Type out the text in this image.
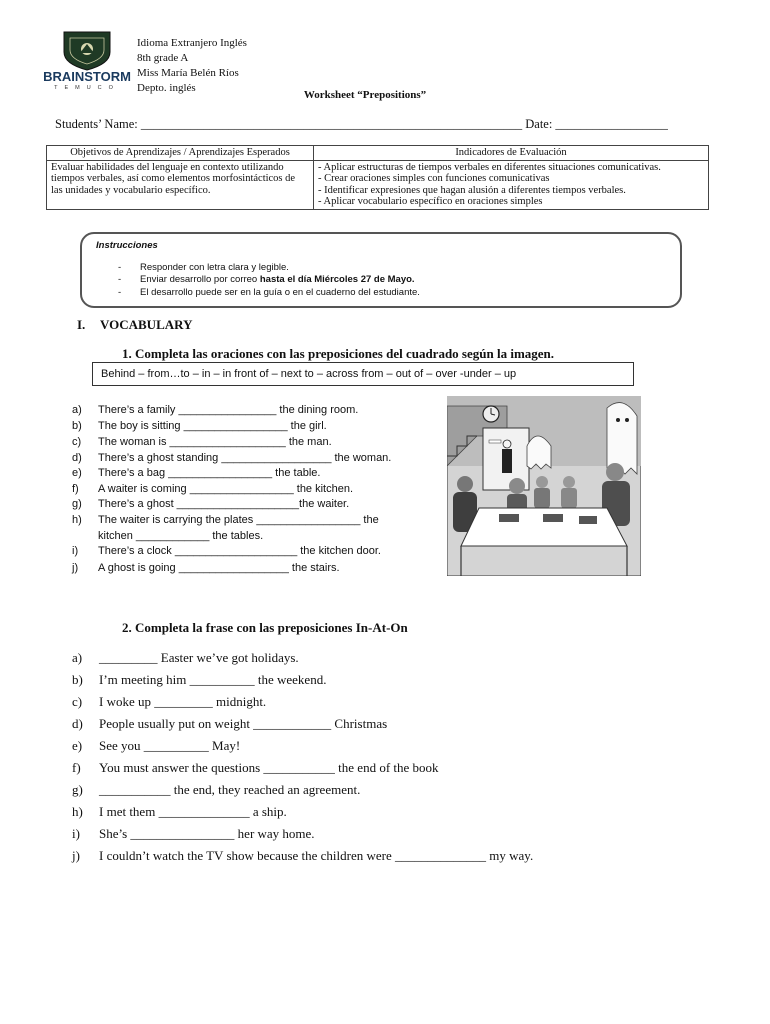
BRAINSTORM
TEMUCO
Idioma Extranjero Inglés
8th grade A
Miss María Belén Ríos
Depto. inglés
Worksheet “Prepositions”
Students’ Name: _____________________________________________________________ Date: __________________
Objetivos de Aprendizajes / Aprendizajes Esperados	Indicadores de Evaluación
Evaluar habilidades del lenguaje en contexto utilizando tiempos verbales, así como elementos morfosintácticos de las unidades y vocabulario específico.	- Aplicar estructuras de tiempos verbales en diferentes situaciones comunicativas.
- Crear oraciones simples con funciones comunicativas
- Identificar expresiones que hagan alusión a diferentes tiempos verbales.
- Aplicar vocabulario específico en oraciones simples
Instrucciones
- Responder con letra clara y legible.
- Enviar desarrollo por correo hasta el día Miércoles 27 de Mayo.
- El desarrollo puede ser en la guía o en el cuaderno del estudiante.
I. VOCABULARY
1. Completa las oraciones con las preposiciones del cuadrado según la imagen.
Behind – from…to – in – in front of – next to – across from – out of – over -under – up
a) There’s a family ________________ the dining room.
b) The boy is sitting _________________ the girl.
c) The woman is ___________________ the man.
d) There’s a ghost standing __________________ the woman.
e) There’s a bag _________________ the table.
f) A waiter is coming _________________ the kitchen.
g) There’s a ghost ____________________the waiter.
h) The waiter is carrying the plates _________________ the
kitchen ____________ the tables.
i) There’s a clock ____________________ the kitchen door.
j) A ghost is going __________________ the stairs.
2. Completa la frase con las preposiciones In-At-On
a) _________ Easter we’ve got holidays.
b) I’m meeting him __________ the weekend.
c) I woke up _________ midnight.
d) People usually put on weight ____________ Christmas
e) See you __________ May!
f) You must answer the questions ___________ the end of the book
g) ___________ the end, they reached an agreement.
h) I met them ______________ a ship.
i) She’s ________________ her way home.
j) I couldn’t watch the TV show because the children were ______________ my way.
